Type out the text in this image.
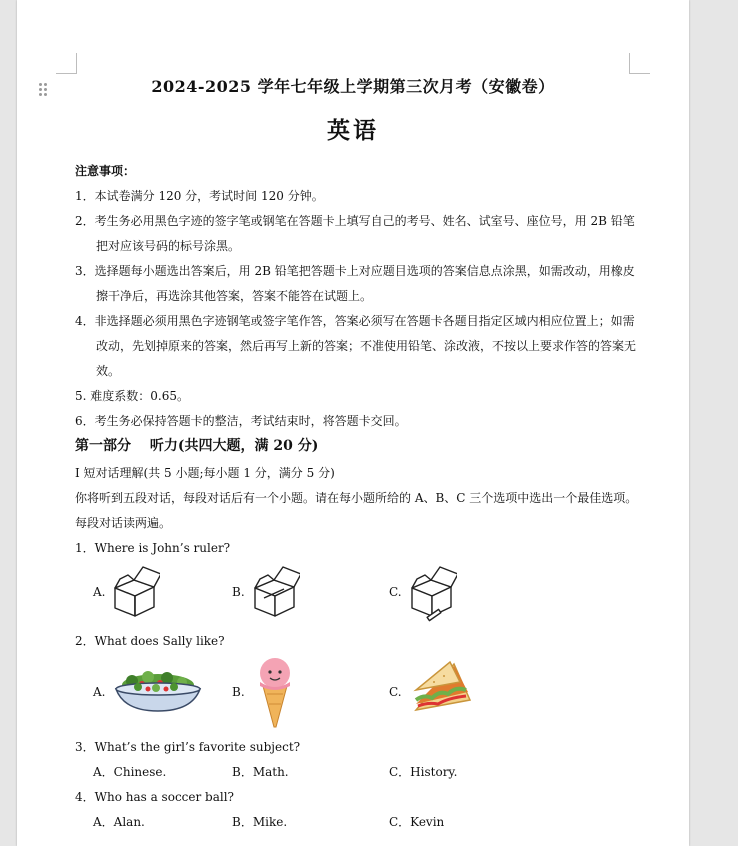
2024-2025 学年七年级上学期第三次月考（安徽卷）
英语
注意事项：
1．本试卷满分 120 分，考试时间 120 分钟。
2．考生务必用黑色字迹的签字笔或钢笔在答题卡上填写自己的考号、姓名、试室号、座位号，用 2B 铅笔
把对应该号码的标号涂黑。
3．选择题每小题选出答案后，用 2B 铅笔把答题卡上对应题目选项的答案信息点涂黑，如需改动，用橡皮
擦干净后，再选涂其他答案，答案不能答在试题上。
4．非选择题必须用黑色字迹钢笔或签字笔作答，答案必须写在答题卡各题目指定区域内相应位置上；如需
改动，先划掉原来的答案，然后再写上新的答案；不准使用铅笔、涂改液，不按以上要求作答的答案无
效。
5. 难度系数：0.65。
6．考生务必保持答题卡的整洁，考试结束时，将答题卡交回。
第一部分　 听力(共四大题，满 20 分)
Ⅰ 短对话理解(共 5 小题;每小题 1 分，满分 5 分)
你将听到五段对话，每段对话后有一个小题。请在每小题所给的 A、B、C 三个选项中选出一个最佳选项。
每段对话读两遍。
1．Where is John’s ruler?
A.	B.	C.
2．What does Sally like?
A.	B.	C.
3．What’s the girl’s favorite subject?
A．Chinese.	B．Math.	C．History.
4．Who has a soccer ball?
A．Alan.	B．Mike.	C．Kevin
